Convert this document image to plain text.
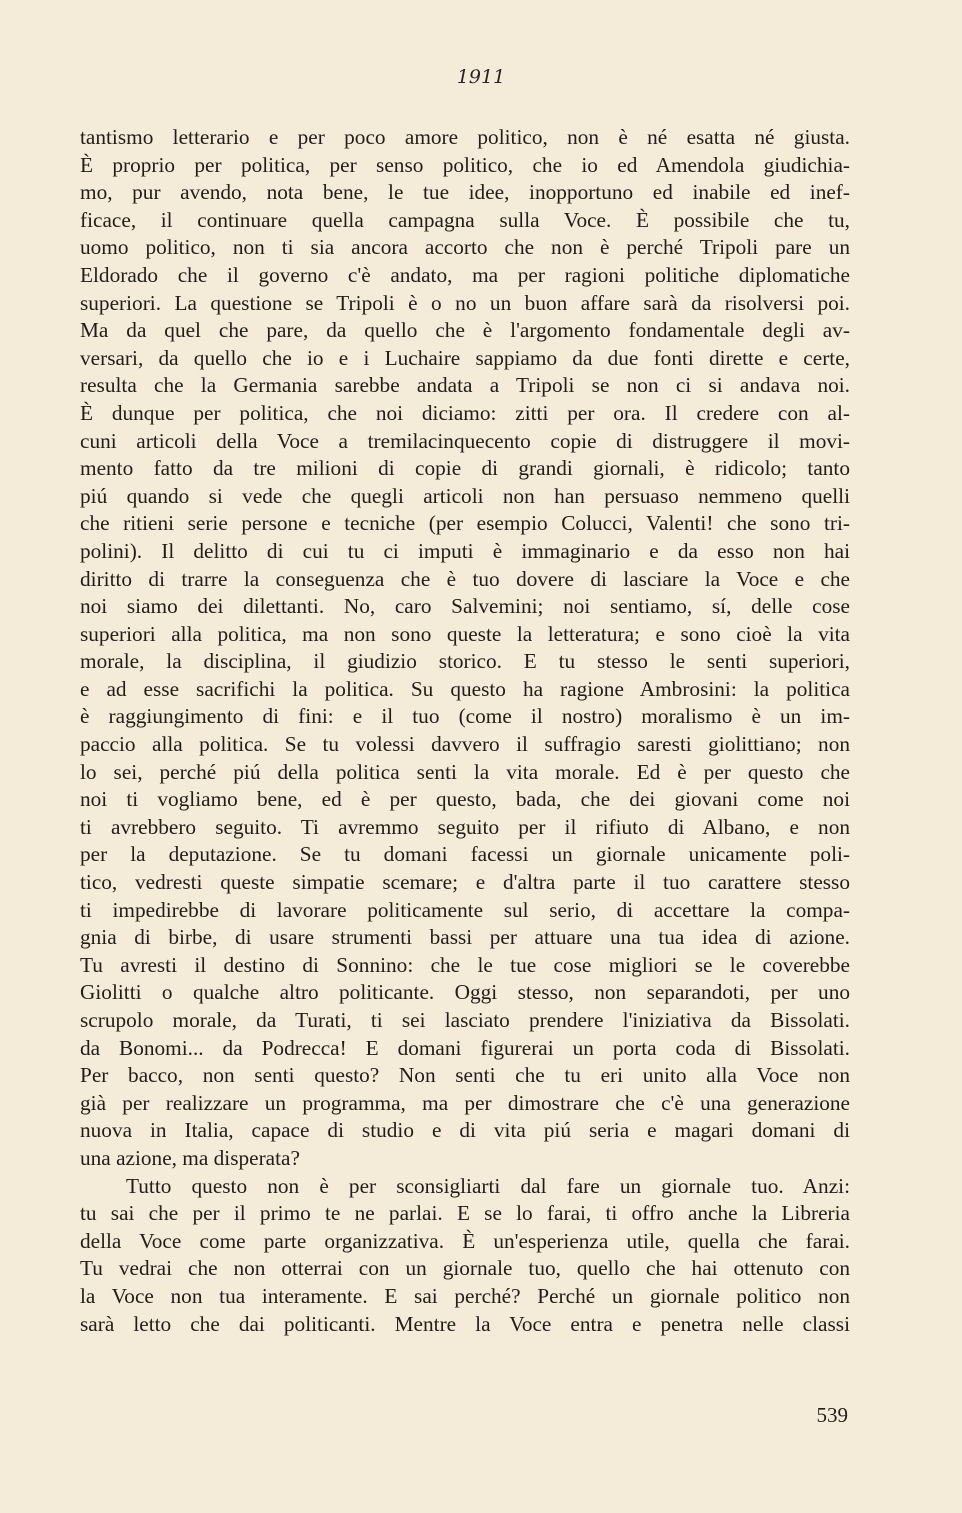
1911
tantismo letterario e per poco amore politico, non è né esatta né giusta.
È proprio per politica, per senso politico, che io ed Amendola giudichia-
mo, pur avendo, nota bene, le tue idee, inopportuno ed inabile ed inef-
ficace, il continuare quella campagna sulla Voce. È possibile che tu,
uomo politico, non ti sia ancora accorto che non è perché Tripoli pare un
Eldorado che il governo c'è andato, ma per ragioni politiche diplomatiche
superiori. La questione se Tripoli è o no un buon affare sarà da risolversi poi.
Ma da quel che pare, da quello che è l'argomento fondamentale degli av-
versari, da quello che io e i Luchaire sappiamo da due fonti dirette e certe,
resulta che la Germania sarebbe andata a Tripoli se non ci si andava noi.
È dunque per politica, che noi diciamo: zitti per ora. Il credere con al-
cuni articoli della Voce a tremilacinquecento copie di distruggere il movi-
mento fatto da tre milioni di copie di grandi giornali, è ridicolo; tanto
piú quando si vede che quegli articoli non han persuaso nemmeno quelli
che ritieni serie persone e tecniche (per esempio Colucci, Valenti! che sono tri-
polini). Il delitto di cui tu ci imputi è immaginario e da esso non hai
diritto di trarre la conseguenza che è tuo dovere di lasciare la Voce e che
noi siamo dei dilettanti. No, caro Salvemini; noi sentiamo, sí, delle cose
superiori alla politica, ma non sono queste la letteratura; e sono cioè la vita
morale, la disciplina, il giudizio storico. E tu stesso le senti superiori,
e ad esse sacrifichi la politica. Su questo ha ragione Ambrosini: la politica
è raggiungimento di fini: e il tuo (come il nostro) moralismo è un im-
paccio alla politica. Se tu volessi davvero il suffragio saresti giolittiano; non
lo sei, perché piú della politica senti la vita morale. Ed è per questo che
noi ti vogliamo bene, ed è per questo, bada, che dei giovani come noi
ti avrebbero seguito. Ti avremmo seguito per il rifiuto di Albano, e non
per la deputazione. Se tu domani facessi un giornale unicamente poli-
tico, vedresti queste simpatie scemare; e d'altra parte il tuo carattere stesso
ti impedirebbe di lavorare politicamente sul serio, di accettare la compa-
gnia di birbe, di usare strumenti bassi per attuare una tua idea di azione.
Tu avresti il destino di Sonnino: che le tue cose migliori se le coverebbe
Giolitti o qualche altro politicante. Oggi stesso, non separandoti, per uno
scrupolo morale, da Turati, ti sei lasciato prendere l'iniziativa da Bissolati.
da Bonomi... da Podrecca! E domani figurerai un porta coda di Bissolati.
Per bacco, non senti questo? Non senti che tu eri unito alla Voce non
già per realizzare un programma, ma per dimostrare che c'è una generazione
nuova in Italia, capace di studio e di vita piú seria e magari domani di
una azione, ma disperata?
Tutto questo non è per sconsigliarti dal fare un giornale tuo. Anzi:
tu sai che per il primo te ne parlai. E se lo farai, ti offro anche la Libreria
della Voce come parte organizzativa. È un'esperienza utile, quella che farai.
Tu vedrai che non otterrai con un giornale tuo, quello che hai ottenuto con
la Voce non tua interamente. E sai perché? Perché un giornale politico non
sarà letto che dai politicanti. Mentre la Voce entra e penetra nelle classi
539
